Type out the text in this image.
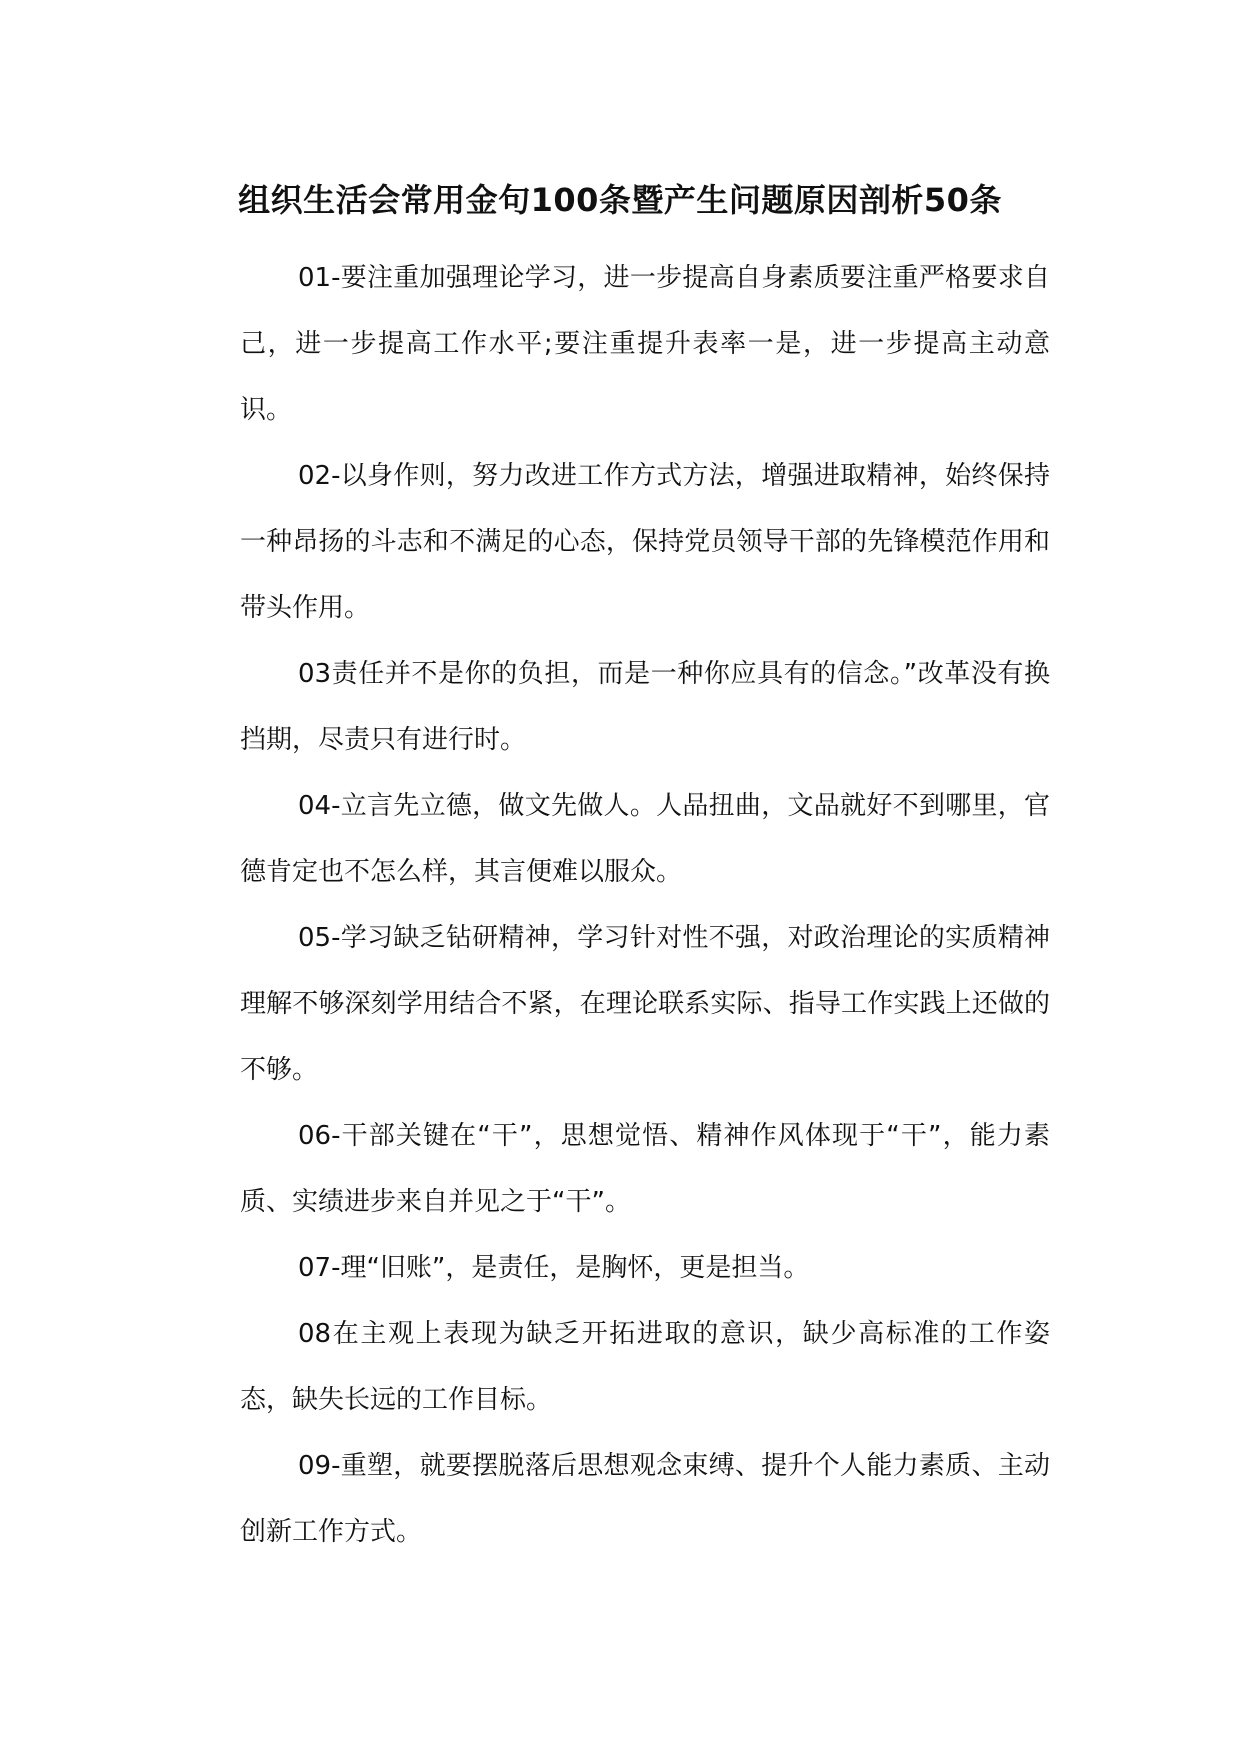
组织生活会常用金句100条暨产生问题原因剖析50条

01-要注重加强理论学习，进一步提高自身素质要注重严格要求自己，进一步提高工作水平;要注重提升表率一是，进一步提高主动意识。

02-以身作则，努力改进工作方式方法，增强进取精神，始终保持一种昂扬的斗志和不满足的心态，保持党员领导干部的先锋模范作用和带头作用。

03责任并不是你的负担，而是一种你应具有的信念。”改革没有换挡期，尽责只有进行时。

04-立言先立德，做文先做人。人品扭曲，文品就好不到哪里，官德肯定也不怎么样，其言便难以服众。

05-学习缺乏钻研精神，学习针对性不强，对政治理论的实质精神理解不够深刻学用结合不紧，在理论联系实际、指导工作实践上还做的不够。

06-干部关键在“干”，思想觉悟、精神作风体现于“干”，能力素质、实绩进步来自并见之于“干”。

07-理“旧账”，是责任，是胸怀，更是担当。

08在主观上表现为缺乏开拓进取的意识，缺少高标准的工作姿态，缺失长远的工作目标。

09-重塑，就要摆脱落后思想观念束缚、提升个人能力素质、主动创新工作方式。
